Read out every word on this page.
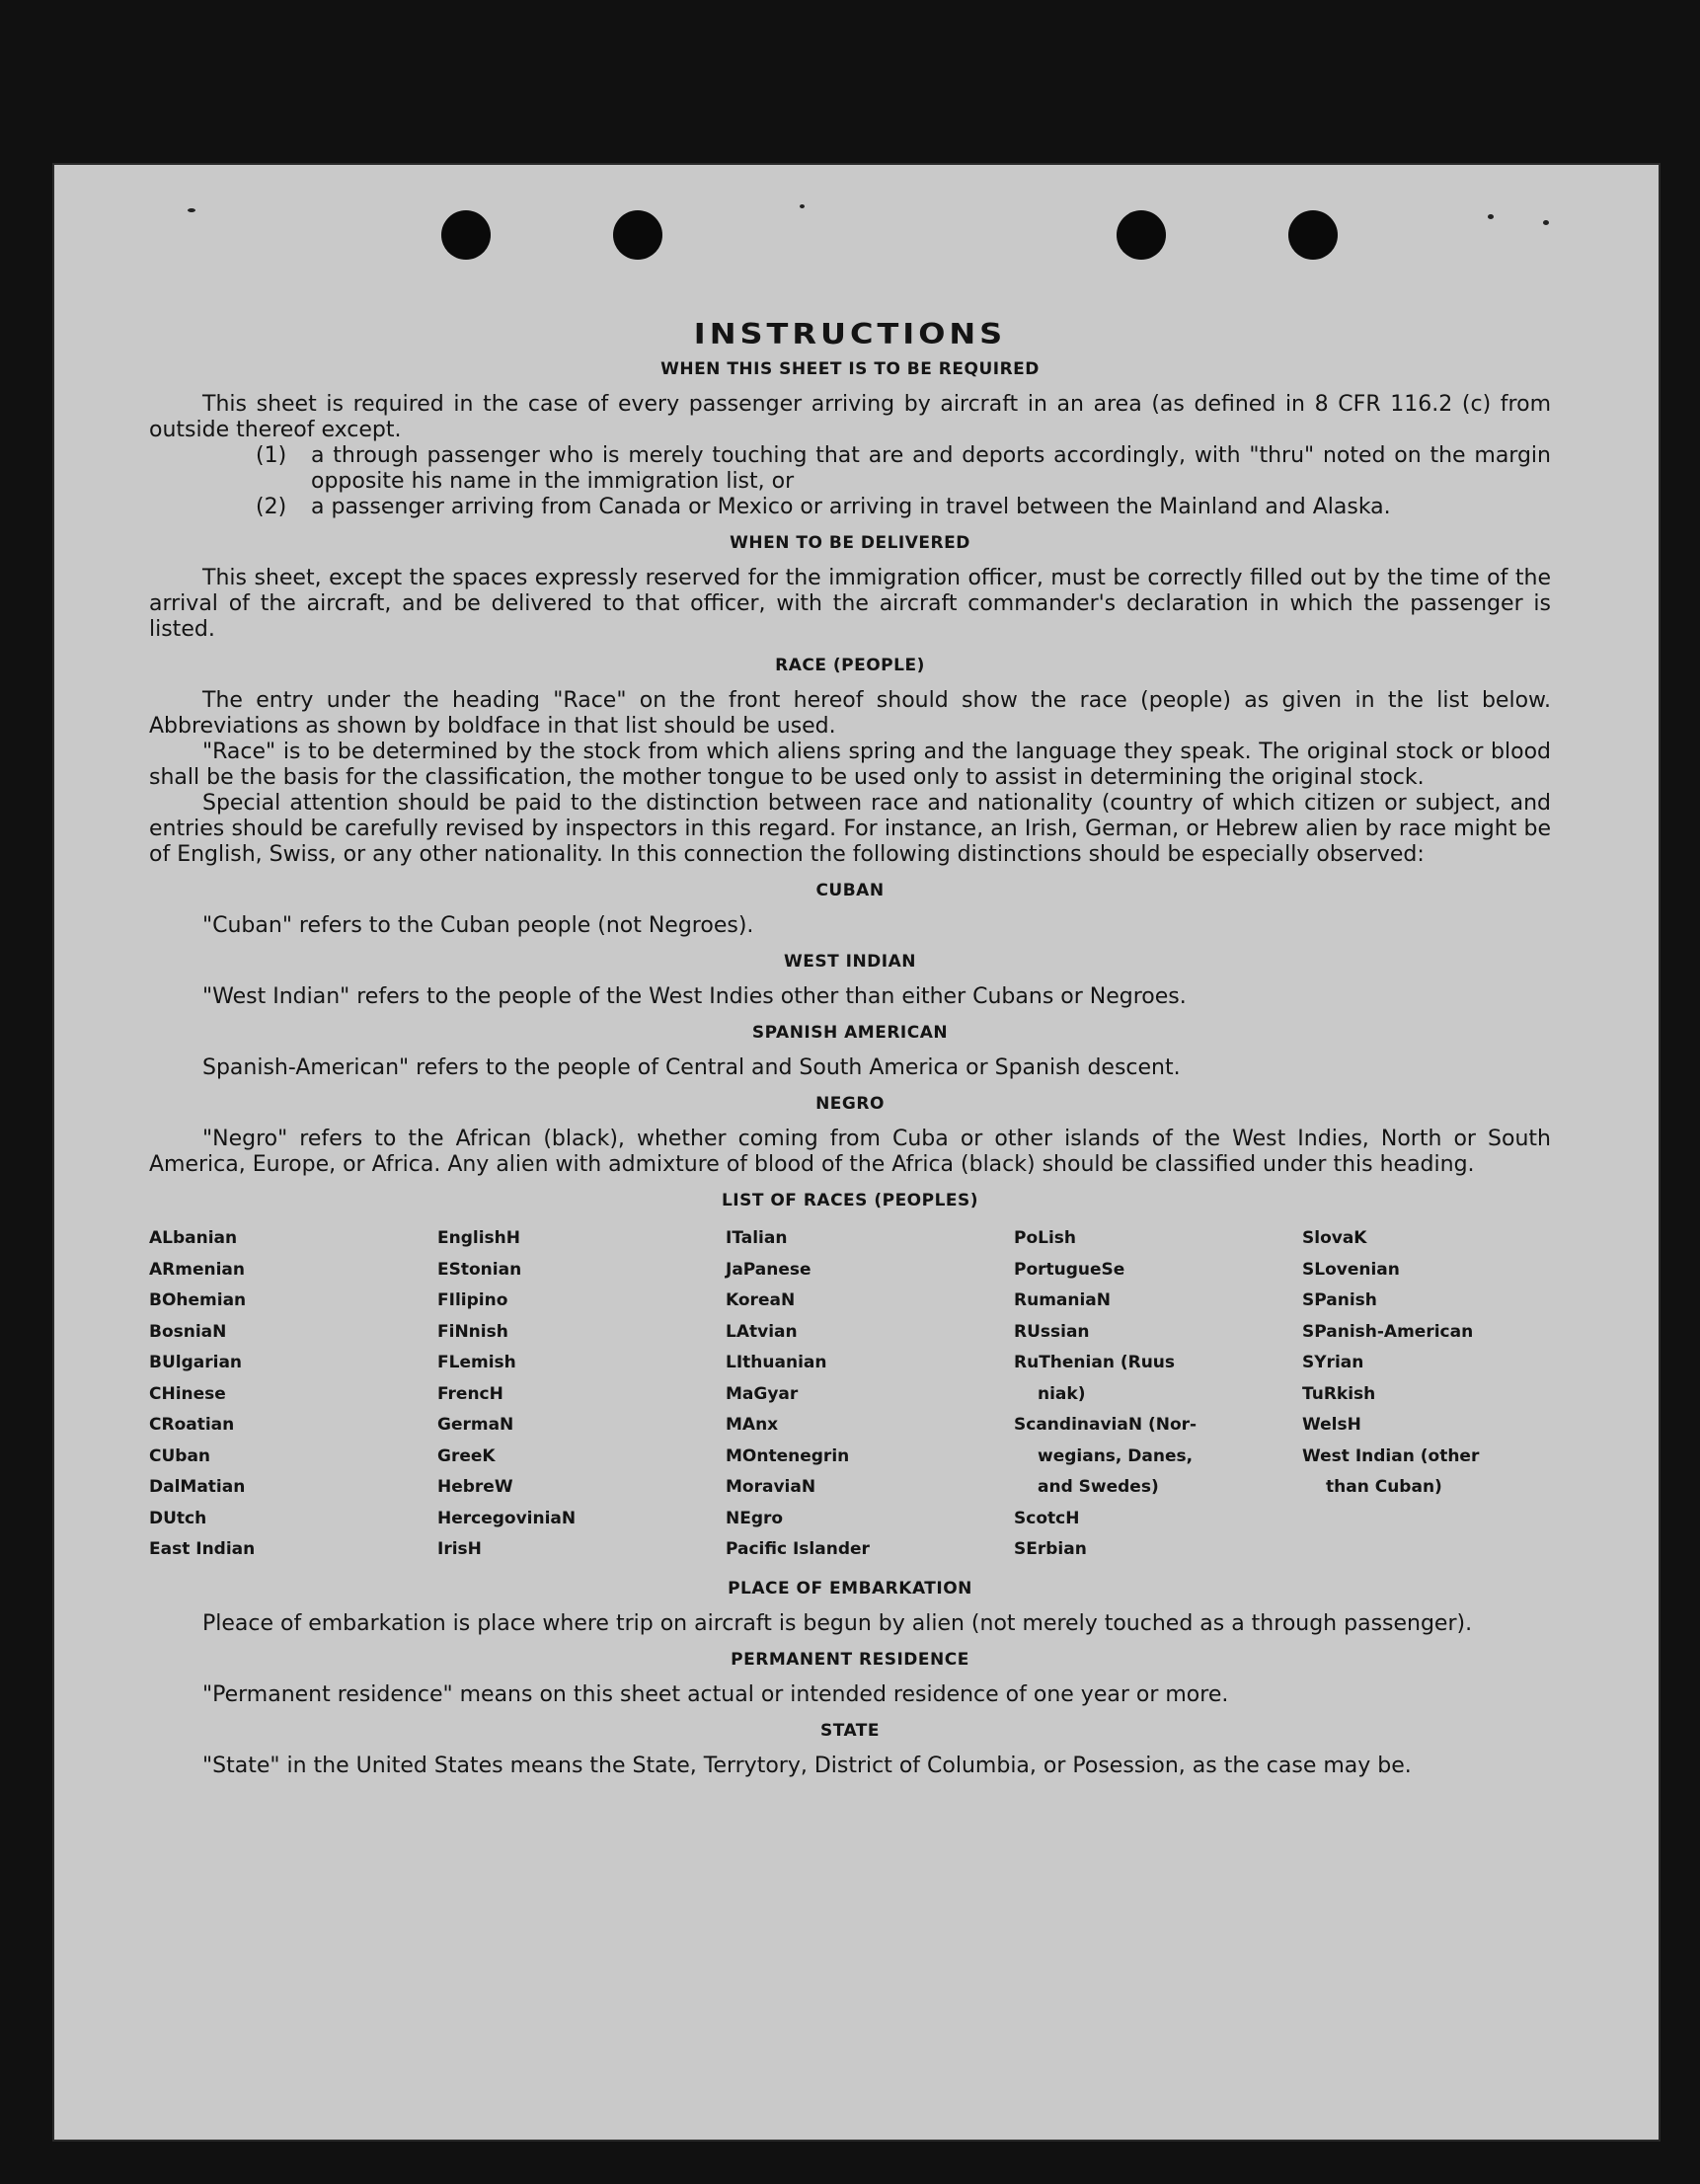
INSTRUCTIONS
WHEN THIS SHEET IS TO BE REQUIRED

This sheet is required in the case of every passenger arriving by aircraft in an area (as defined in 8 CFR 116.2 (c) from outside thereof except.

(1)	a through passenger who is merely touching that are and deports accordingly, with "thru" noted on the margin opposite his name in the immigration list, or
(2)	a passenger arriving from Canada or Mexico or arriving in travel between the Mainland and Alaska.
WHEN TO BE DELIVERED

This sheet, except the spaces expressly reserved for the immigration officer, must be correctly filled out by the time of the arrival of the aircraft, and be delivered to that officer, with the aircraft commander's declaration in which the passenger is listed.

RACE (PEOPLE)

The entry under the heading "Race" on the front hereof should show the race (people) as given in the list below. Abbreviations as shown by boldface in that list should be used.

"Race" is to be determined by the stock from which aliens spring and the language they speak. The original stock or blood shall be the basis for the classification, the mother tongue to be used only to assist in determining the original stock.

Special attention should be paid to the distinction between race and nationality (country of which citizen or subject, and entries should be carefully revised by inspectors in this regard. For instance, an Irish, German, or Hebrew alien by race might be of English, Swiss, or any other nationality. In this connection the following distinctions should be especially observed:

CUBAN

"Cuban" refers to the Cuban people (not Negroes).

WEST INDIAN

"West Indian" refers to the people of the West Indies other than either Cubans or Negroes.

SPANISH AMERICAN

Spanish-American" refers to the people of Central and South America or Spanish descent.

NEGRO

"Negro" refers to the African (black), whether coming from Cuba or other islands of the West Indies, North or South America, Europe, or Africa. Any alien with admixture of blood of the Africa (black) should be classified under this heading.

LIST OF RACES (PEOPLES)
ALbanian
ARmenian
BOhemian
BosniaN
BUlgarian
CHinese
CRoatian
CUban
DalMatian
DUtch
East Indian
EnglishH
EStonian
FIlipino
FiNnish
FLemish
FrencH
GermaN
GreeK
HebreW
HercegoviniaN
IrisH
ITalian
JaPanese
KoreaN
LAtvian
LIthuanian
MaGyar
MAnx
MOntenegrin
MoraviaN
NEgro
Pacific Islander
PoLish
PortugueSe
RumaniaN
RUssian
RuThenian (Ruus
niak)
ScandinaviaN (Nor-
wegians, Danes,
and Swedes)
ScotcH
SErbian
SlovaK
SLovenian
SPanish
SPanish-American
SYrian
TuRkish
WelsH
West Indian (other
than Cuban)
PLACE OF EMBARKATION

Pleace of embarkation is place where trip on aircraft is begun by alien (not merely touched as a through passenger).

PERMANENT RESIDENCE

"Permanent residence" means on this sheet actual or intended residence of one year or more.

STATE

"State" in the United States means the State, Terrytory, District of Columbia, or Posession, as the case may be.
